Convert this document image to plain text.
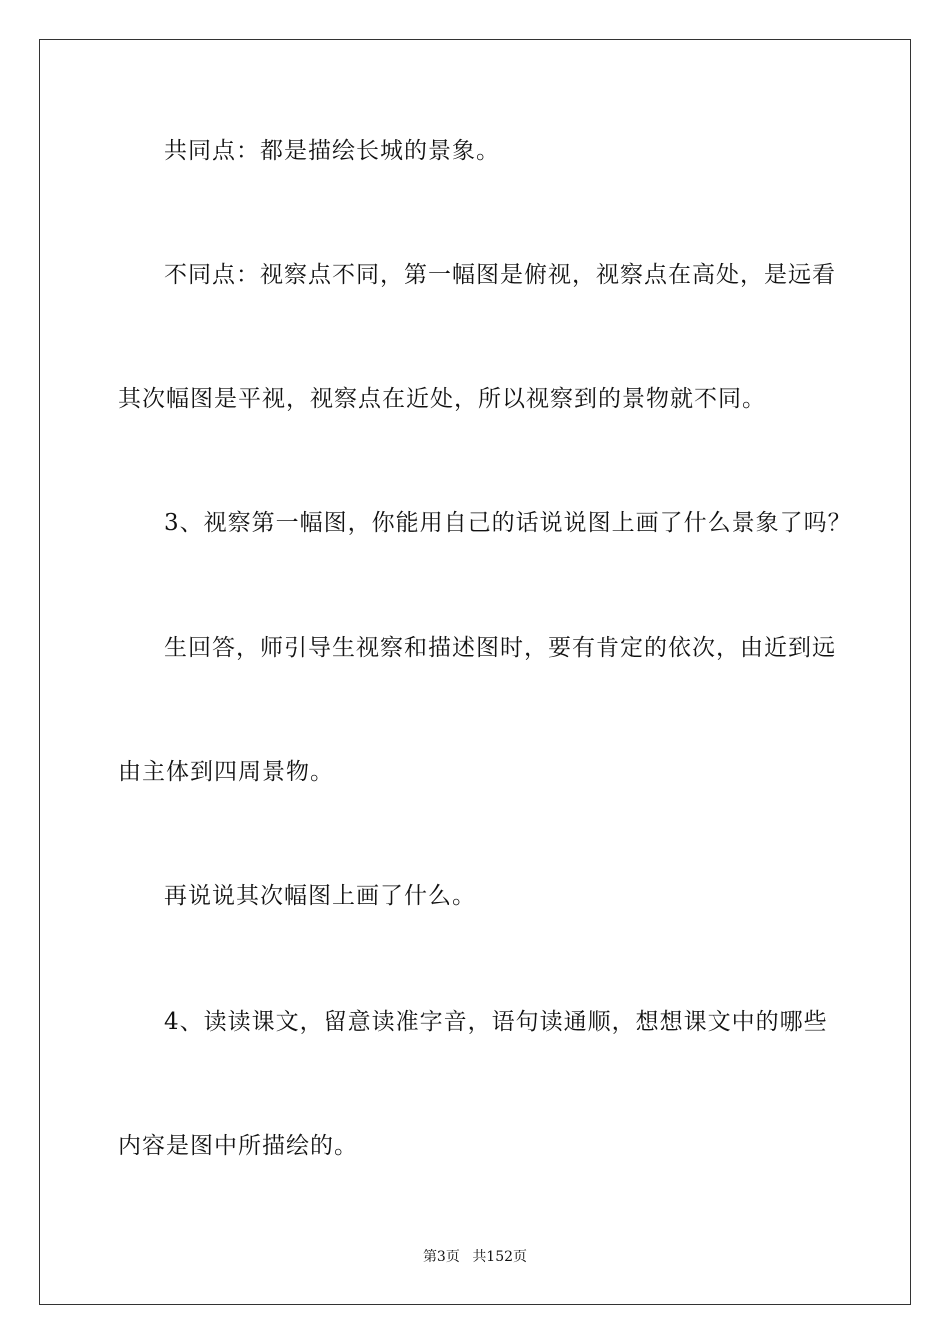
共同点：都是描绘长城的景象。
不同点：视察点不同，第一幅图是俯视，视察点在高处，是远看
其次幅图是平视，视察点在近处，所以视察到的景物就不同。
3、视察第一幅图，你能用自己的话说说图上画了什么景象了吗？
生回答，师引导生视察和描述图时，要有肯定的依次，由近到远
由主体到四周景物。
再说说其次幅图上画了什么。
4、读读课文，留意读准字音，语句读通顺，想想课文中的哪些
内容是图中所描绘的。
第3页 共152页
